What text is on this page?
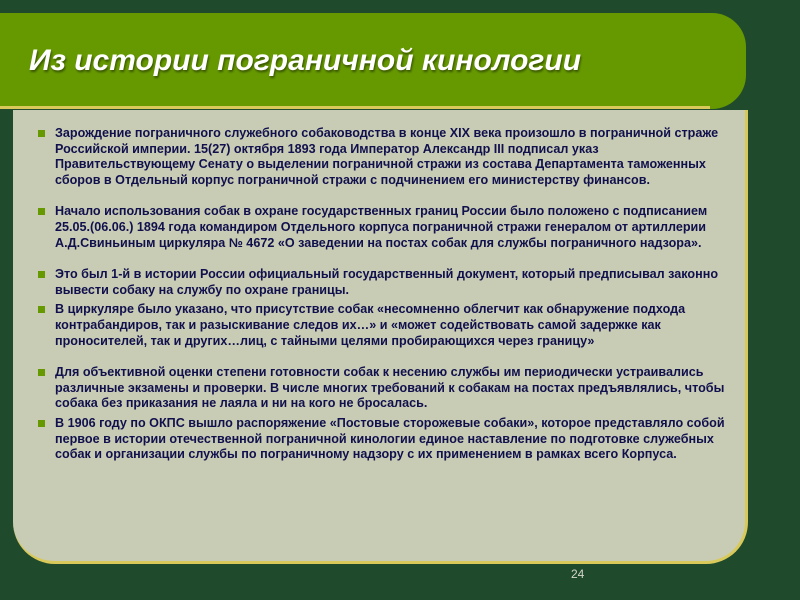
Из истории пограничной кинологии
Зарождение пограничного служебного собаководства в конце XIX века произошло в пограничной страже Российской империи. 15(27) октября 1893 года Император Александр III подписал указ Правительствующему Сенату о выделении пограничной стражи из состава Департамента таможенных сборов в Отдельный корпус пограничной стражи с подчинением его министерству финансов.
Начало использования собак в охране государственных границ России было положено с подписанием 25.05.(06.06.) 1894 года командиром Отдельного корпуса пограничной стражи генералом от артиллерии А.Д.Свиньиным циркуляра № 4672 «О заведении на постах собак для службы пограничного надзора».
Это был 1-й в истории России официальный государственный документ, который предписывал законно вывести собаку на службу по охране границы.
В циркуляре было указано, что присутствие собак «несомненно облегчит как обнаружение подхода контрабандиров, так и разыскивание следов их…» и «может содействовать самой задержке как проносителей, так и других…лиц, с тайными целями пробирающихся через границу»
Для объективной оценки степени готовности собак к несению службы им периодически устраивались различные экзамены и проверки. В числе многих требований к собакам на постах предъявлялись, чтобы собака без приказания не лаяла и ни на кого не бросалась.
В 1906 году по ОКПС вышло распоряжение «Постовые сторожевые собаки», которое представляло собой первое в истории отечественной пограничной кинологии единое наставление по подготовке служебных собак и организации службы по пограничному надзору с их применением в рамках всего Корпуса.
24
